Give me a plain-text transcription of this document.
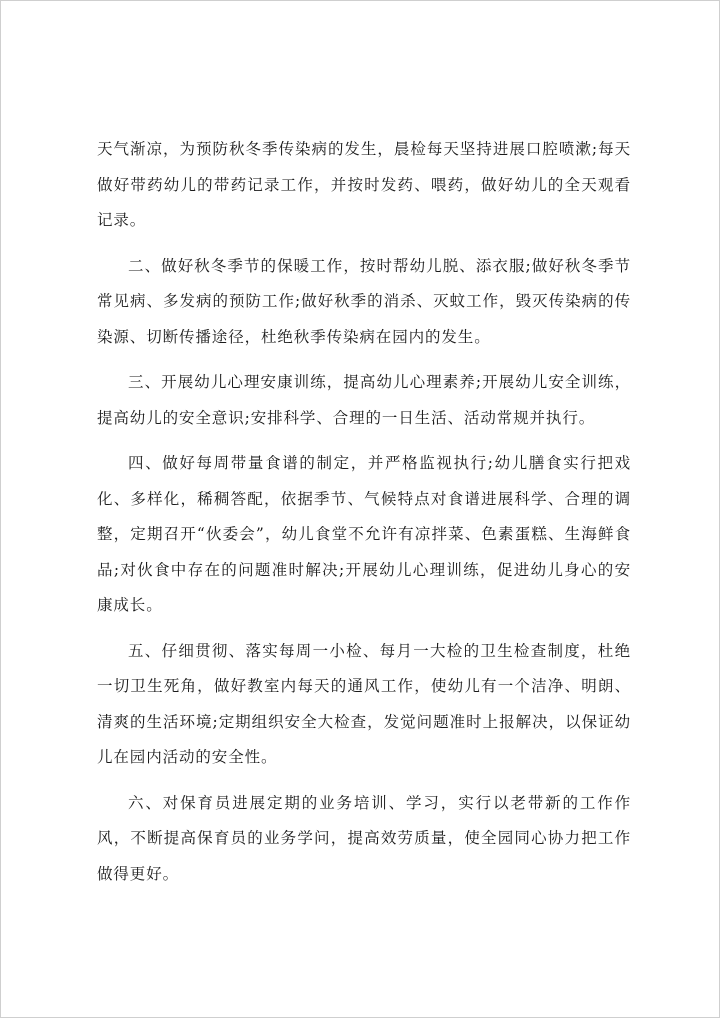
天气渐凉，为预防秋冬季传染病的发生，晨检每天坚持进展口腔喷漱;每天做好带药幼儿的带药记录工作，并按时发药、喂药，做好幼儿的全天观看记录。

二、做好秋冬季节的保暖工作，按时帮幼儿脱、添衣服;做好秋冬季节常见病、多发病的预防工作;做好秋季的消杀、灭蚊工作，毁灭传染病的传染源、切断传播途径，杜绝秋季传染病在园内的发生。

三、开展幼儿心理安康训练，提高幼儿心理素养;开展幼儿安全训练，提高幼儿的安全意识;安排科学、合理的一日生活、活动常规并执行。

四、做好每周带量食谱的制定，并严格监视执行;幼儿膳食实行把戏化、多样化，稀稠答配，依据季节、气候特点对食谱进展科学、合理的调整，定期召开“伙委会”，幼儿食堂不允许有凉拌菜、色素蛋糕、生海鲜食品;对伙食中存在的问题准时解决;开展幼儿心理训练，促进幼儿身心的安康成长。

五、仔细贯彻、落实每周一小检、每月一大检的卫生检查制度，杜绝一切卫生死角，做好教室内每天的通风工作，使幼儿有一个洁净、明朗、清爽的生活环境;定期组织安全大检查，发觉问题准时上报解决，以保证幼儿在园内活动的安全性。

六、对保育员进展定期的业务培训、学习，实行以老带新的工作作风，不断提高保育员的业务学问，提高效劳质量，使全园同心协力把工作做得更好。
